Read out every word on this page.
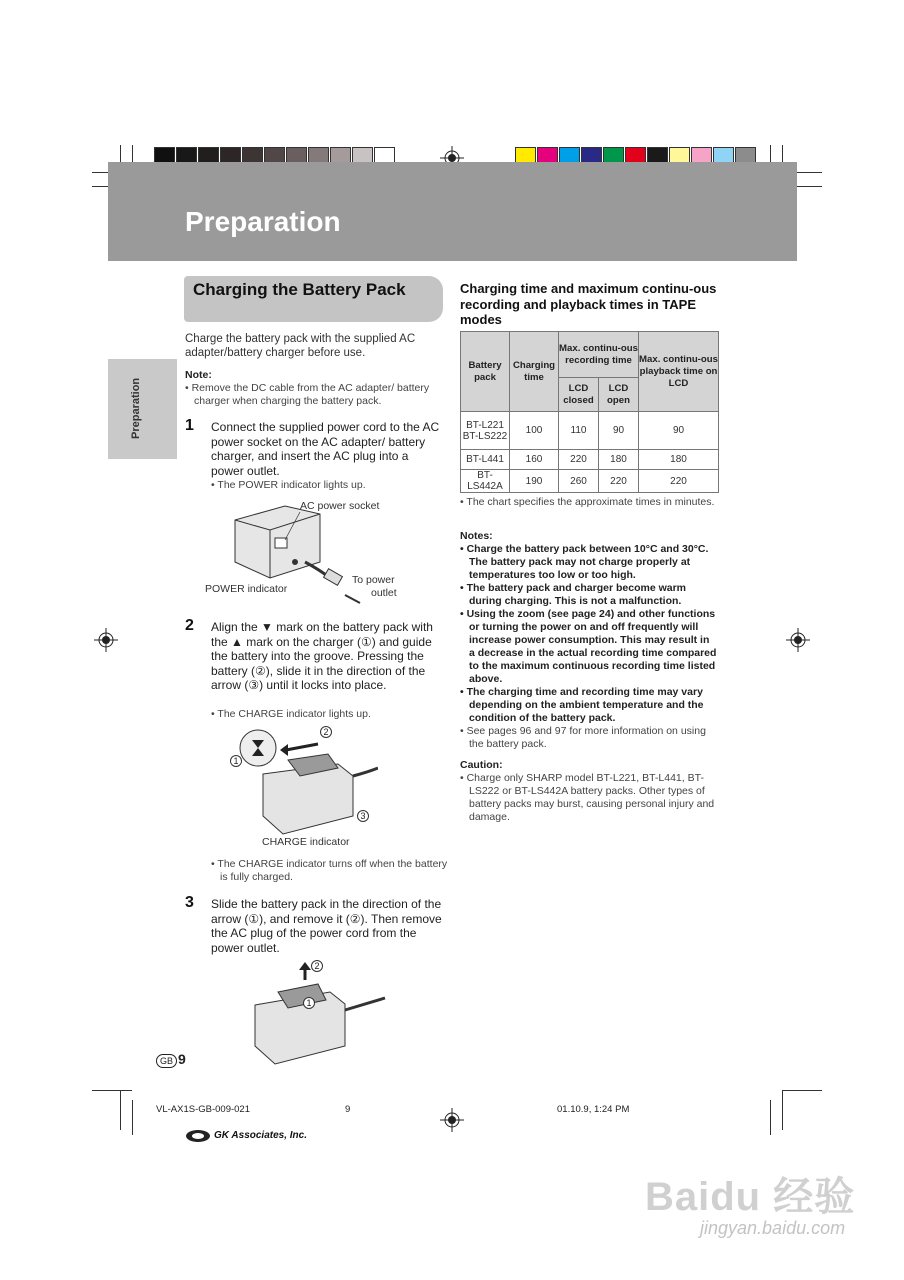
Preparation
Preparation
Charging the Battery Pack
Charge the battery pack with the supplied AC adapter/battery charger before use.
Note:
• Remove the DC cable from the AC adapter/ battery charger when charging the battery pack.
1 Connect the supplied power cord to the AC power socket on the AC adapter/ battery charger, and insert the AC plug into a power outlet.
• The POWER indicator lights up.
AC power socket
POWER indicator
To power
outlet
2 Align the ▼ mark on the battery pack with the ▲ mark on the charger (①) and guide the battery into the groove. Pressing the battery (②), slide it in the direction of the arrow (③) until it locks into place.
• The CHARGE indicator lights up.
2
1
3
CHARGE indicator
• The CHARGE indicator turns off when the battery is fully charged.
3 Slide the battery pack in the direction of the arrow (①), and remove it (②). Then remove the AC plug of the power cord from the power outlet.
2
1
Charging time and maximum continu-ous recording and playback times in TAPE modes
Battery pack	Charging time	Max. continu-ous recording time		Max. continu-ous playback time on LCD
		LCD closed	LCD open	
BT-L221 BT-LS222	100	110	90	90
BT-L441	160	220	180	180
BT-LS442A	190	260	220	220

• The chart specifies the approximate times in minutes.

Notes:

• Charge the battery pack between 10°C and 30°C. The battery pack may not charge properly at temperatures too low or too high.

• The battery pack and charger become warm during charging. This is not a malfunction.

• Using the zoom (see page 24) and other functions or turning the power on and off frequently will increase power consumption. This may result in a decrease in the actual recording time compared to the maximum continuous recording time listed above.

• The charging time and recording time may vary depending on the ambient temperature and the condition of the battery pack.

• See pages 96 and 97 for more information on using the battery pack.

Caution:

• Charge only SHARP model BT-L221, BT-L441, BT-LS222 or BT-LS442A battery packs. Other types of battery packs may burst, causing personal injury and damage.

GB 9
VL-AX1S-GB-009-021	9	01.10.9, 1:24 PM
GK Associates, Inc.
Baidu 经验
jingyan.baidu.com
